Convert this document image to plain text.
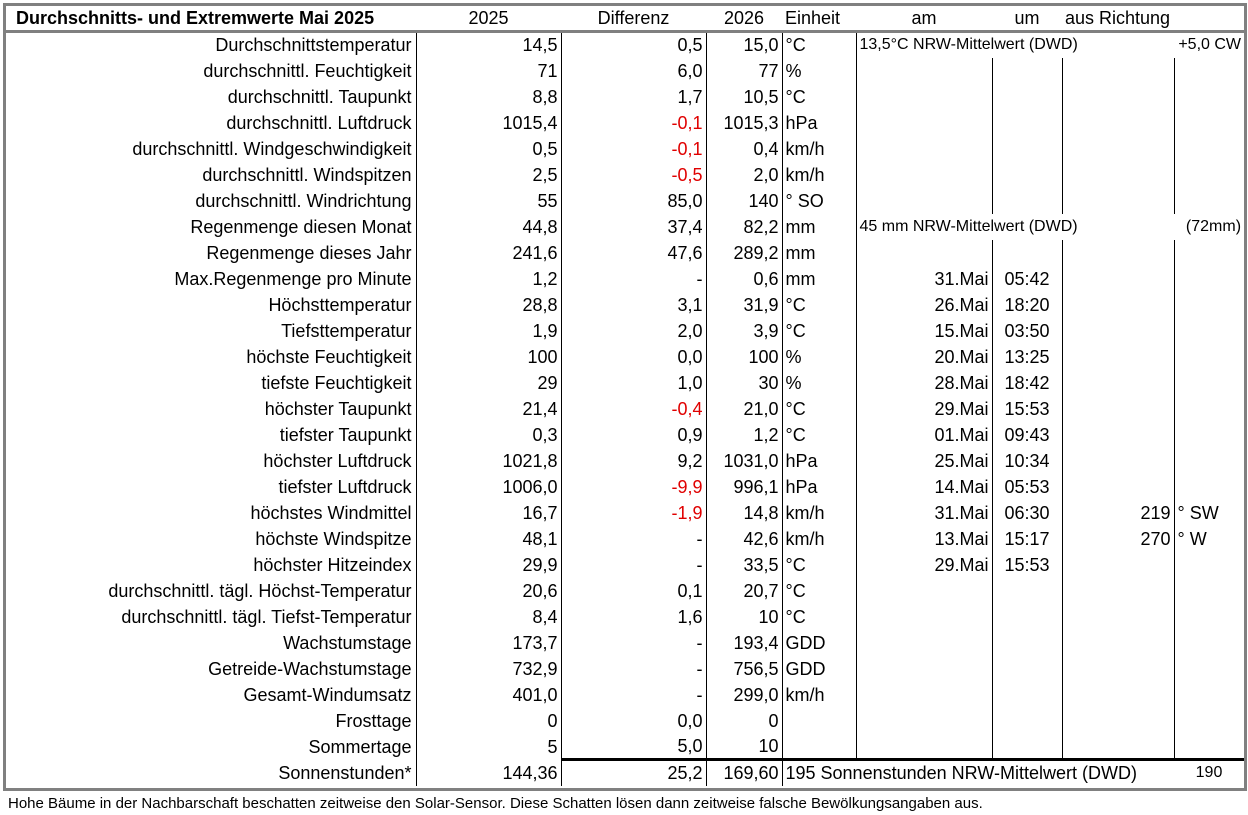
Durchschnitts- und Extremwerte Mai 2025	2025	Differenz	2026	Einheit	am	um	aus Richtung	
Durchschnittstemperatur	14,5	0,5	15,0	°C	13,5°C NRW-Mittelwert (DWD)			+5,0 CW
durchschnittl. Feuchtigkeit	71	6,0	77	%				
durchschnittl. Taupunkt	8,8	1,7	10,5	°C				
durchschnittl. Luftdruck	1015,4	-0,1	1015,3	hPa				
durchschnittl. Windgeschwindigkeit	0,5	-0,1	0,4	km/h				
durchschnittl. Windspitzen	2,5	-0,5	2,0	km/h				
durchschnittl. Windrichtung	55	85,0	140	° SO				
Regenmenge diesen Monat	44,8	37,4	82,2	mm	45 mm NRW-Mittelwert (DWD)			(72mm)
Regenmenge dieses Jahr	241,6	47,6	289,2	mm				
Max.Regenmenge pro Minute	1,2	-	0,6	mm	31.Mai	05:42		
Höchsttemperatur	28,8	3,1	31,9	°C	26.Mai	18:20		
Tiefsttemperatur	1,9	2,0	3,9	°C	15.Mai	03:50		
höchste Feuchtigkeit	100	0,0	100	%	20.Mai	13:25		
tiefste Feuchtigkeit	29	1,0	30	%	28.Mai	18:42		
höchster Taupunkt	21,4	-0,4	21,0	°C	29.Mai	15:53		
tiefster Taupunkt	0,3	0,9	1,2	°C	01.Mai	09:43		
höchster Luftdruck	1021,8	9,2	1031,0	hPa	25.Mai	10:34		
tiefster Luftdruck	1006,0	-9,9	996,1	hPa	14.Mai	05:53		
höchstes Windmittel	16,7	-1,9	14,8	km/h	31.Mai	06:30	219	° SW
höchste Windspitze	48,1	-	42,6	km/h	13.Mai	15:17	270	° W
höchster Hitzeindex	29,9	-	33,5	°C	29.Mai	15:53		
durchschnittl. tägl. Höchst-Temperatur	20,6	0,1	20,7	°C				
durchschnittl. tägl. Tiefst-Temperatur	8,4	1,6	10	°C				
Wachstumstage	173,7	-	193,4	GDD				
Getreide-Wachstumstage	732,9	-	756,5	GDD				
Gesamt-Windumsatz	401,0	-	299,0	km/h				
Frosttage	0	0,0	0					
Sommertage	5	5,0	10					
Sonnenstunden*	144,36	25,2	169,60	195 Sonnenstunden NRW-Mittelwert (DWD)				190
Hohe Bäume in der Nachbarschaft beschatten zeitweise den Solar-Sensor. Diese Schatten lösen dann zeitweise falsche Bewölkungsangaben aus.
